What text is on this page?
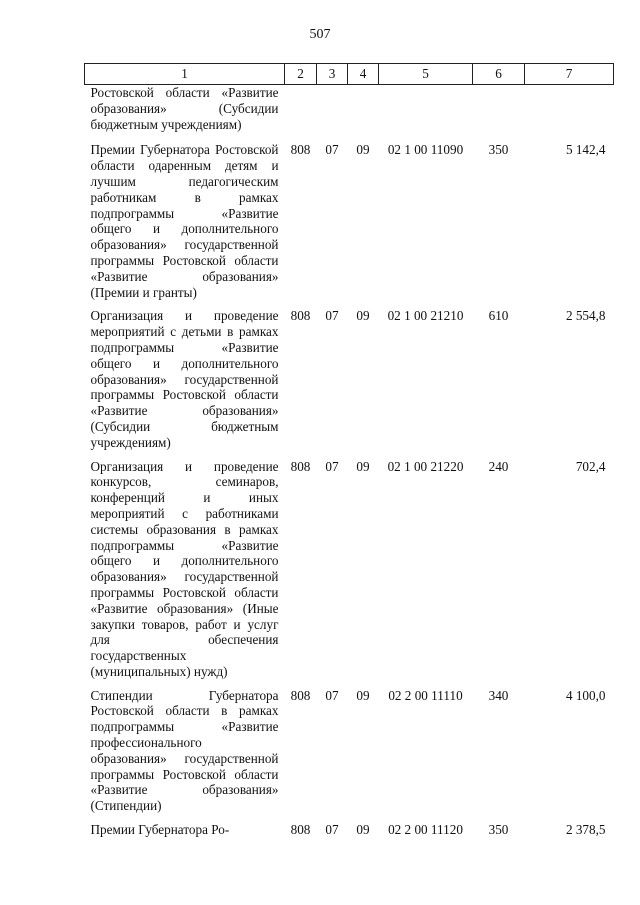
507
1	2	3	4	5	6	7
Ростовской области «Развитие образования» (Субсидии бюджетным учреждениям)						
Премии Губернатора Ростовской области одаренным детям и лучшим педагогическим работникам в рамках подпрограммы «Развитие общего и дополнительного образования» государственной программы Ростовской области «Развитие образования» (Премии и гранты)	808	07	09	02 1 00 11090	350	5 142,4
Организация и проведение мероприятий с детьми в рамках подпрограммы «Развитие общего и дополнительного образования» государственной программы Ростовской области «Развитие образования» (Субсидии бюджетным учреждениям)	808	07	09	02 1 00 21210	610	2 554,8
Организация и проведение конкурсов, семинаров, конференций и иных мероприятий с работниками системы образования в рамках подпрограммы «Развитие общего и дополнительного образования» государственной программы Ростовской области «Развитие образования» (Иные закупки товаров, работ и услуг для обеспечения государственных (муниципальных) нужд)	808	07	09	02 1 00 21220	240	702,4
Стипендии Губернатора Ростовской области в рамках подпрограммы «Развитие профессионального образования» государственной программы Ростовской области «Развитие образования» (Стипендии)	808	07	09	02 2 00 11110	340	4 100,0
Премии Губернатора Ро-	808	07	09	02 2 00 11120	350	2 378,5
